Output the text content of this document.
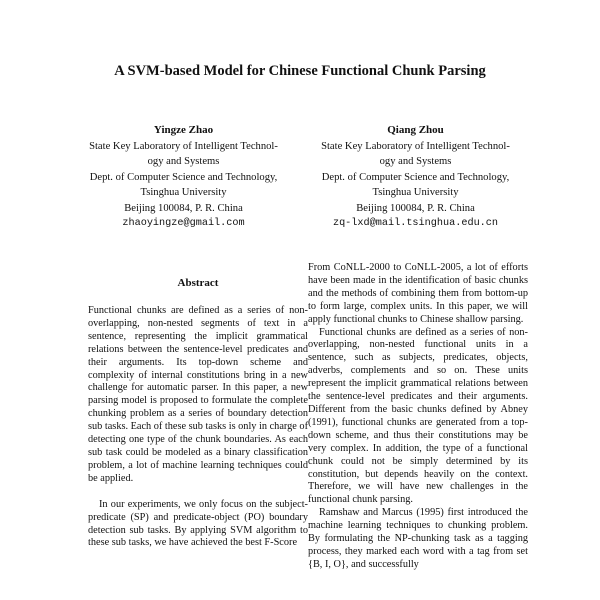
A SVM-based Model for Chinese Functional Chunk Parsing
Yingze Zhao
State Key Laboratory of Intelligent Technol-
ogy and Systems
Dept. of Computer Science and Technology,
Tsinghua University
Beijing 100084, P. R. China
zhaoyingze@gmail.com
Qiang Zhou
State Key Laboratory of Intelligent Technol-
ogy and Systems
Dept. of Computer Science and Technology,
Tsinghua University
Beijing 100084, P. R. China
zq-lxd@mail.tsinghua.edu.cn
Abstract

Functional chunks are defined as a series of non-overlapping, non-nested segments of text in a sentence, representing the implicit grammatical relations between the sentence-level predicates and their arguments. Its top-down scheme and complexity of internal constitutions bring in a new challenge for automatic parser. In this paper, a new parsing model is proposed to formulate the complete chunking problem as a series of boundary detection sub tasks. Each of these sub tasks is only in charge of detecting one type of the chunk boundaries. As each sub task could be modeled as a binary classification problem, a lot of machine learning techniques could be applied.

In our experiments, we only focus on the subject-predicate (SP) and predicate-object (PO) boundary detection sub tasks. By applying SVM algorithm to these sub tasks, we have achieved the best F-Score

From CoNLL-2000 to CoNLL-2005, a lot of efforts have been made in the identification of basic chunks and the methods of combining them from bottom-up to form large, complex units. In this paper, we will apply functional chunks to Chinese shallow parsing.

Functional chunks are defined as a series of non-overlapping, non-nested functional units in a sentence, such as subjects, predicates, objects, adverbs, complements and so on. These units represent the implicit grammatical relations between the sentence-level predicates and their arguments. Different from the basic chunks defined by Abney (1991), functional chunks are generated from a top-down scheme, and thus their constitutions may be very complex. In addition, the type of a functional chunk could not be simply determined by its constitution, but depends heavily on the context. Therefore, we will have new challenges in the functional chunk parsing.

Ramshaw and Marcus (1995) first introduced the machine learning techniques to chunking problem. By formulating the NP-chunking task as a tagging process, they marked each word with a tag from set {B, I, O}, and successfully
